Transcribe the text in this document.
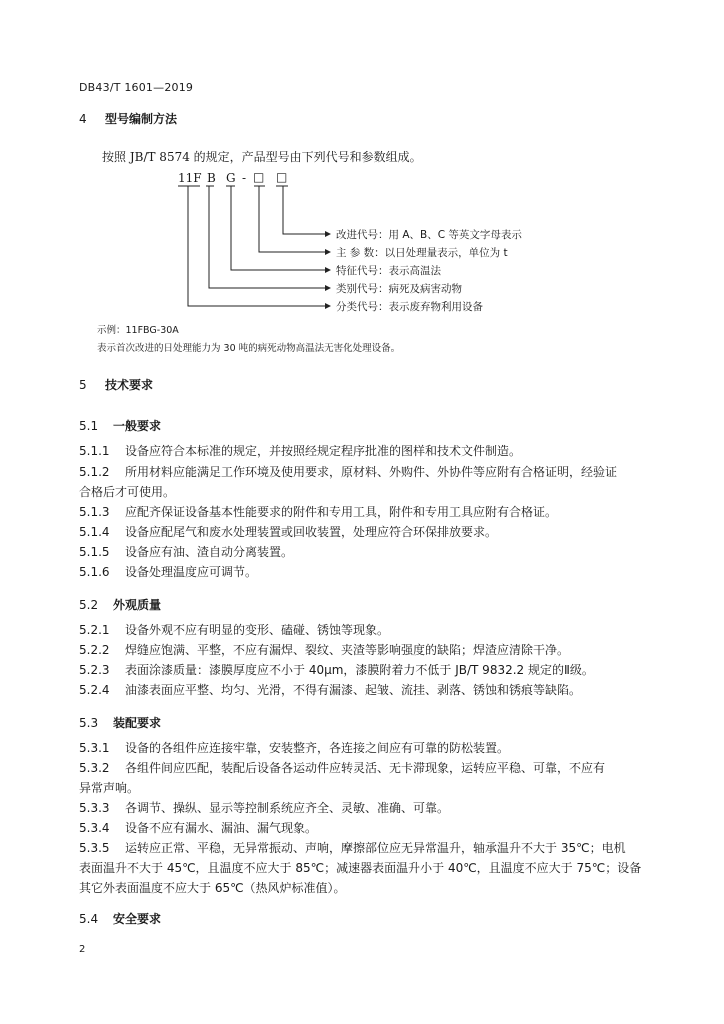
DB43/T 1601—2019
4 型号编制方法
按照 JB/T 8574 的规定，产品型号由下列代号和参数组成。
11F B G - □ □
改进代号：用 A、B、C 等英文字母表示
主 参 数：以日处理量表示，单位为 t
特征代号：表示高温法
类别代号：病死及病害动物
分类代号：表示废弃物利用设备
示例：11FBG-30A
表示首次改进的日处理能力为 30 吨的病死动物高温法无害化处理设备。
5 技术要求
5.1 一般要求
5.1.1 设备应符合本标准的规定，并按照经规定程序批准的图样和技术文件制造。
5.1.2 所用材料应能满足工作环境及使用要求，原材料、外购件、外协件等应附有合格证明，经验证
合格后才可使用。
5.1.3 应配齐保证设备基本性能要求的附件和专用工具，附件和专用工具应附有合格证。
5.1.4 设备应配尾气和废水处理装置或回收装置，处理应符合环保排放要求。
5.1.5 设备应有油、渣自动分离装置。
5.1.6 设备处理温度应可调节。
5.2 外观质量
5.2.1 设备外观不应有明显的变形、磕碰、锈蚀等现象。
5.2.2 焊缝应饱满、平整，不应有漏焊、裂纹、夹渣等影响强度的缺陷；焊渣应清除干净。
5.2.3 表面涂漆质量：漆膜厚度应不小于 40μm，漆膜附着力不低于 JB/T 9832.2 规定的Ⅱ级。
5.2.4 油漆表面应平整、均匀、光滑，不得有漏漆、起皱、流挂、剥落、锈蚀和锈痕等缺陷。
5.3 装配要求
5.3.1 设备的各组件应连接牢靠，安装整齐，各连接之间应有可靠的防松装置。
5.3.2 各组件间应匹配，装配后设备各运动件应转灵活、无卡滞现象，运转应平稳、可靠，不应有
异常声响。
5.3.3 各调节、操纵、显示等控制系统应齐全、灵敏、准确、可靠。
5.3.4 设备不应有漏水、漏油、漏气现象。
5.3.5 运转应正常、平稳，无异常振动、声响，摩擦部位应无异常温升，轴承温升不大于 35℃；电机
表面温升不大于 45℃，且温度不应大于 85℃；减速器表面温升小于 40℃，且温度不应大于 75℃；设备
其它外表面温度不应大于 65℃（热风炉标准值）。
5.4 安全要求
2
